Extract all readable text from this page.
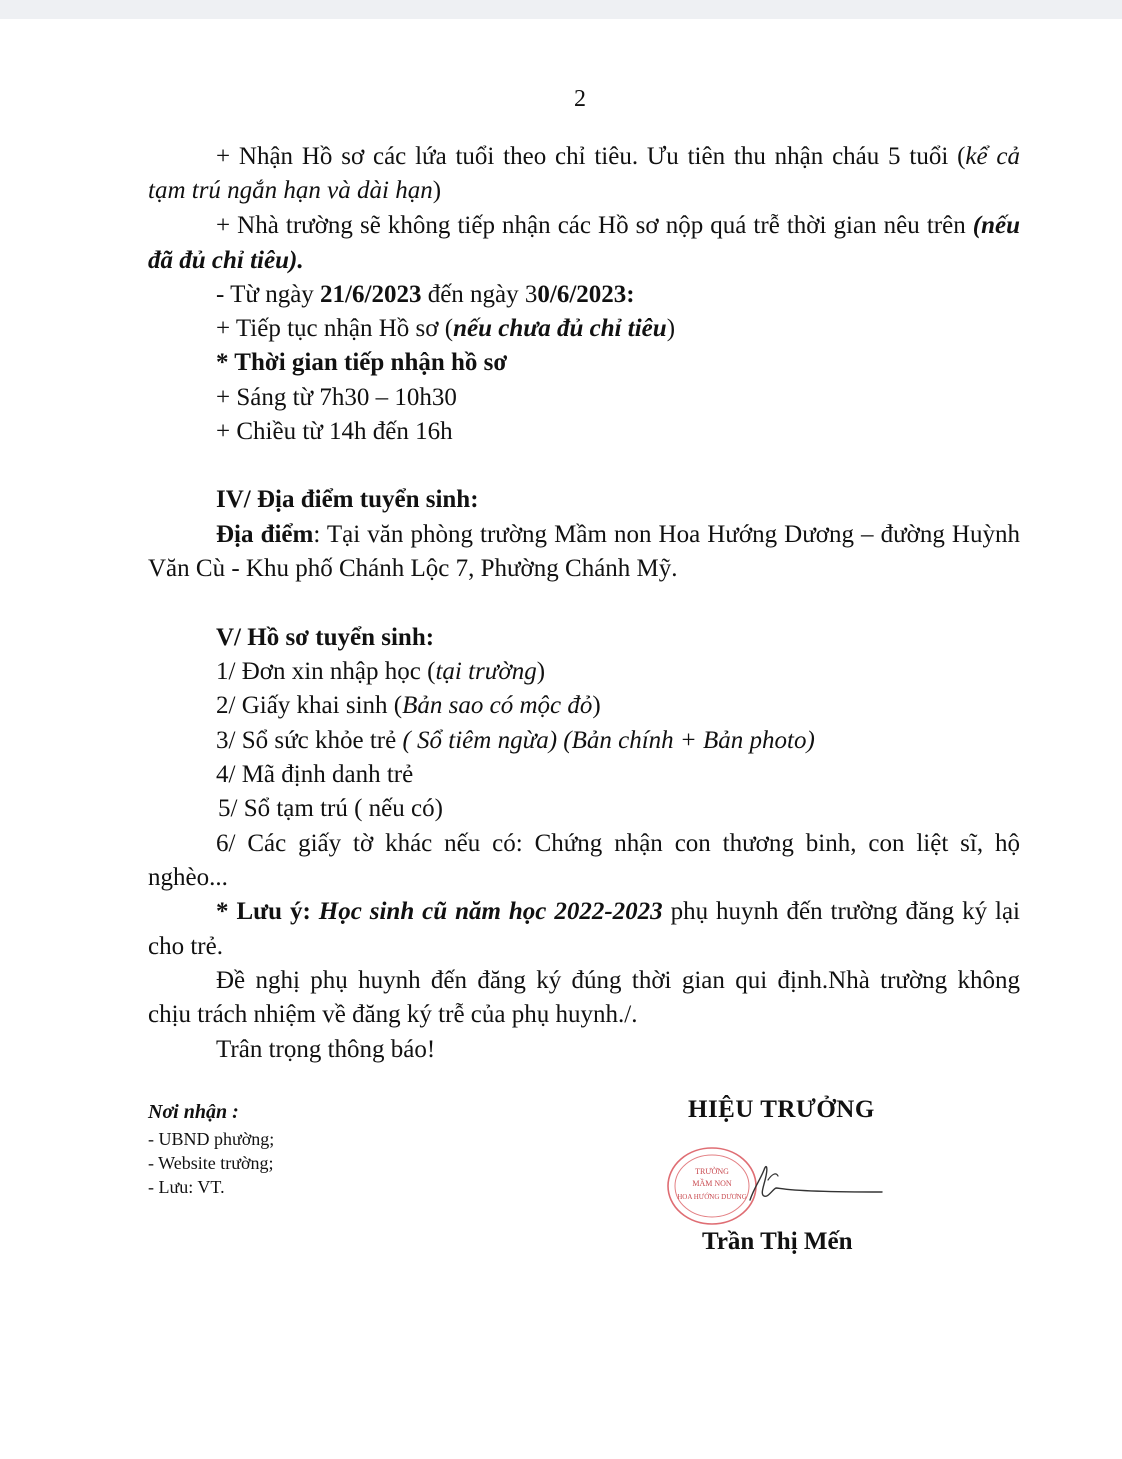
2
+ Nhận Hồ sơ các lứa tuổi theo chỉ tiêu. Ưu tiên thu nhận cháu 5 tuổi (kể cả
tạm trú ngắn hạn và dài hạn)
+ Nhà trường sẽ không tiếp nhận các Hồ sơ nộp quá trễ thời gian nêu trên (nếu
đã đủ chỉ tiêu).
- Từ ngày 21/6/2023 đến ngày 30/6/2023:
+ Tiếp tục nhận Hồ sơ (nếu chưa đủ chỉ tiêu)
* Thời gian tiếp nhận hồ sơ
+ Sáng từ 7h30 – 10h30
+ Chiều từ 14h đến 16h
IV/ Địa điểm tuyển sinh:
Địa điểm: Tại văn phòng trường Mầm non Hoa Hướng Dương – đường Huỳnh
Văn Cù - Khu phố Chánh Lộc 7, Phường Chánh Mỹ.
V/ Hồ sơ tuyển sinh:
1/ Đơn xin nhập học (tại trường)
2/ Giấy khai sinh (Bản sao có mộc đỏ)
3/ Sổ sức khỏe trẻ ( Sổ tiêm ngừa) (Bản chính + Bản photo)
4/ Mã định danh trẻ
5/ Sổ tạm trú ( nếu có)
6/ Các giấy tờ khác nếu có: Chứng nhận con thương binh, con liệt sĩ, hộ
nghèo...
* Lưu ý: Học sinh cũ năm học 2022-2023 phụ huynh đến trường đăng ký lại
cho trẻ.
Đề nghị phụ huynh đến đăng ký đúng thời gian qui định.Nhà trường không
chịu trách nhiệm về đăng ký trễ của phụ huynh./.
Trân trọng thông báo!
Nơi nhận :
- UBND phường;
- Website trường;
- Lưu: VT.
HIỆU TRƯỞNG
TRƯỜNG
MẦM NON
HOA HƯỚNG DƯƠNG
Trần Thị Mến
